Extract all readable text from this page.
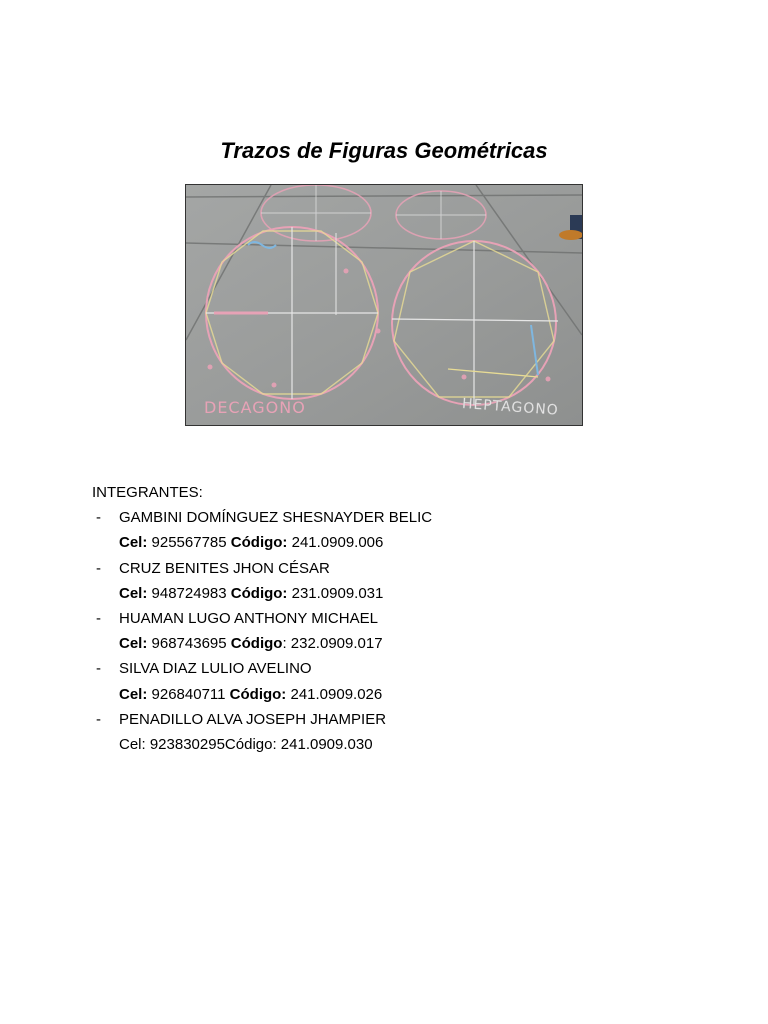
Trazos de Figuras Geométricas
DECAGONO	HEPTAGONO
INTEGRANTES:
- GAMBINI DOMÍNGUEZ SHESNAYDER BELIC
Cel: 925567785 Código: 241.0909.006
- CRUZ BENITES JHON CÉSAR
Cel: 948724983 Código: 231.0909.031
- HUAMAN LUGO ANTHONY MICHAEL
Cel: 968743695 Código: 232.0909.017
- SILVA DIAZ LULIO AVELINO
Cel: 926840711 Código: 241.0909.026
- PENADILLO ALVA JOSEPH JHAMPIER
Cel: 923830295Código: 241.0909.030
